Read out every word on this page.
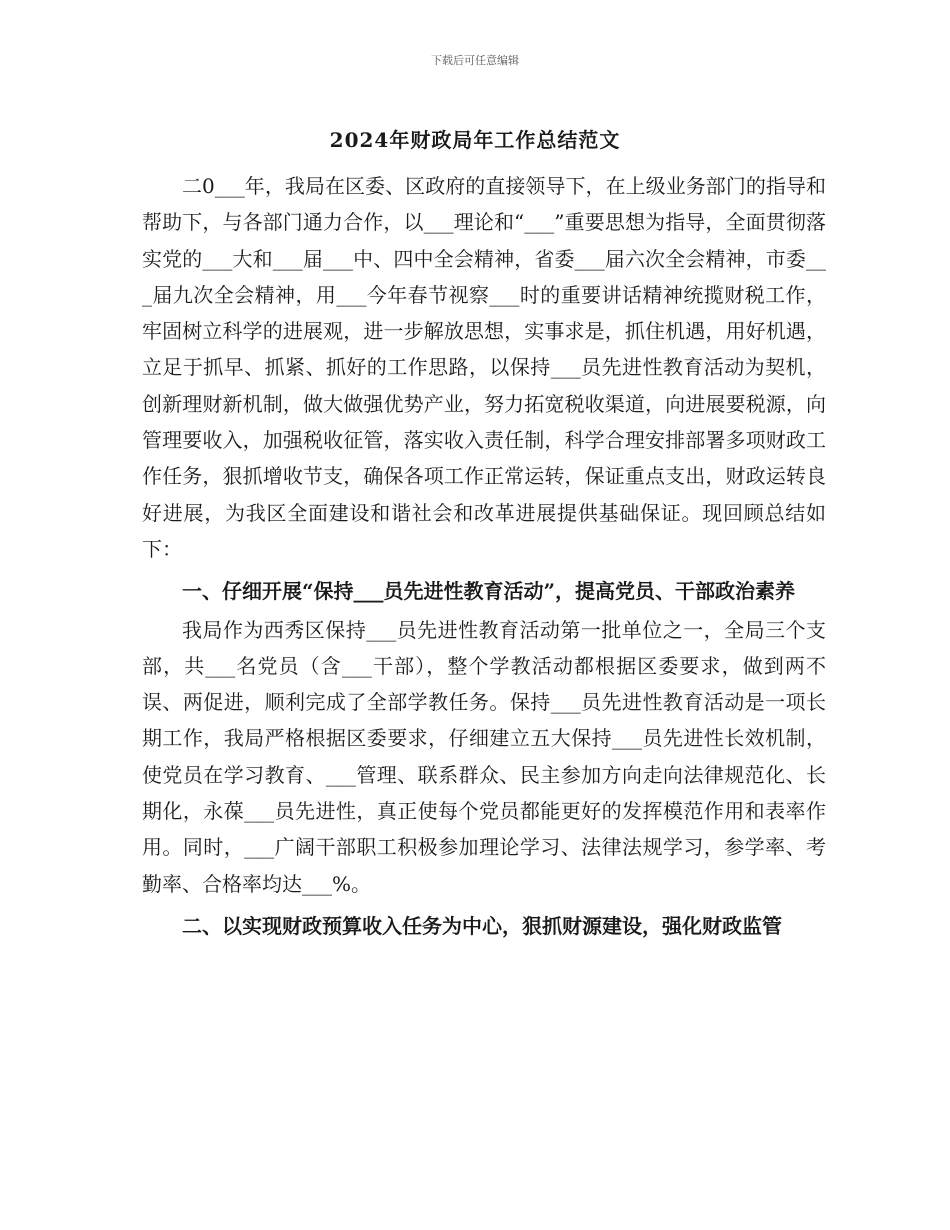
下载后可任意编辑
2024年财政局年工作总结范文

二0___年，我局在区委、区政府的直接领导下，在上级业务部门的指导和帮助下，与各部门通力合作，以___理论和“___”重要思想为指导，全面贯彻落实党的___大和___届___中、四中全会精神，省委___届六次全会精神，市委___届九次全会精神，用___今年春节视察___时的重要讲话精神统揽财税工作，牢固树立科学的进展观，进一步解放思想，实事求是，抓住机遇，用好机遇，立足于抓早、抓紧、抓好的工作思路，以保持___员先进性教育活动为契机，创新理财新机制，做大做强优势产业，努力拓宽税收渠道，向进展要税源，向管理要收入，加强税收征管，落实收入责任制，科学合理安排部署多项财政工作任务，狠抓增收节支，确保各项工作正常运转，保证重点支出，财政运转良好进展，为我区全面建设和谐社会和改革进展提供基础保证。现回顾总结如下：

一、仔细开展“保持___员先进性教育活动”，提高党员、干部政治素养

我局作为西秀区保持___员先进性教育活动第一批单位之一，全局三个支部，共___名党员（含___干部），整个学教活动都根据区委要求，做到两不误、两促进，顺利完成了全部学教任务。保持___员先进性教育活动是一项长期工作，我局严格根据区委要求，仔细建立五大保持___员先进性长效机制，使党员在学习教育、___管理、联系群众、民主参加方向走向法律规范化、长期化，永葆___员先进性，真正使每个党员都能更好的发挥模范作用和表率作用。同时，___广阔干部职工积极参加理论学习、法律法规学习，参学率、考勤率、合格率均达___%。

二、以实现财政预算收入任务为中心，狠抓财源建设，强化财政监管
